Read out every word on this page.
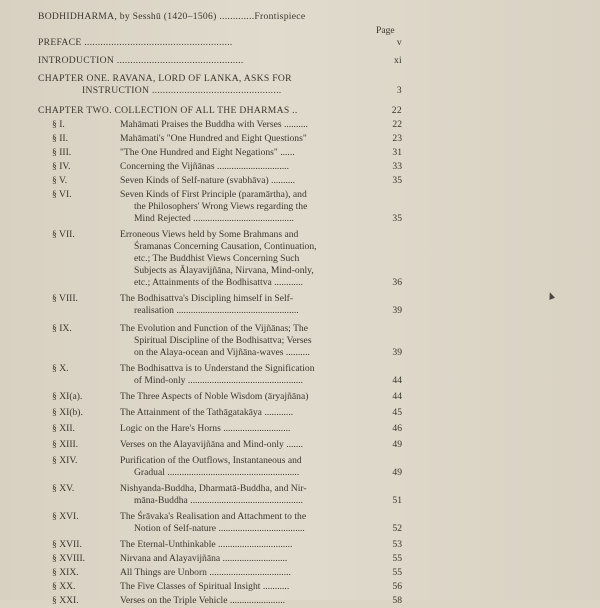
BODHIDHARMA, by Sesshū (1420–1506) .............Frontispiece
Page
PREFACE .......................................................	v
INTRODUCTION ...............................................	xi
CHAPTER ONE. RAVANA, LORD OF LANKA, ASKS FOR
INSTRUCTION ................................................	3
CHAPTER TWO. COLLECTION OF ALL THE DHARMAS ..	22
§ I.	Mahāmati Praises the Buddha with Verses ..........	22
§ II.	Mahāmati's "One Hundred and Eight Questions"	23
§ III.	"The One Hundred and Eight Negations" ......	31
§ IV.	Concerning the Vijñānas ..............................	33
§ V.	Seven Kinds of Self-nature (svabhāva) ..........	35
§ VI.	Seven Kinds of First Principle (paramārtha), and
the Philosophers' Wrong Views regarding the
Mind Rejected ..........................................	35
§ VII.	Erroneous Views held by Some Brahmans and
Śramanas Concerning Causation, Continuation,
etc.; The Buddhist Views Concerning Such
Subjects as Ālayavijñāna, Nirvana, Mind-only,
etc.; Attainments of the Bodhisattva ............	36
§ VIII.	The Bodhisattva's Discipling himself in Self-
realisation ...................................................	39
§ IX.	The Evolution and Function of the Vijñānas; The
Spiritual Discipline of the Bodhisattva; Verses
on the Alaya-ocean and Vijñāna-waves ..........	39
§ X.	The Bodhisattva is to Understand the Signification
of Mind-only ................................................	44
§ XI(a).	The Three Aspects of Noble Wisdom (āryajñāna)	44
§ XI(b).	The Attainment of the Tathāgatakāya ............	45
§ XII.	Logic on the Hare's Horns ............................	46
§ XIII.	Verses on the Alayavijñāna and Mind-only .......	49
§ XIV.	Purification of the Outflows, Instantaneous and
Gradual .......................................................	49
§ XV.	Nishyanda-Buddha, Dharmatā-Buddha, and Nir-
māna-Buddha ...............................................	51
§ XVI.	The Śrāvaka's Realisation and Attachment to the
Notion of Self-nature ....................................	52
§ XVII.	The Eternal-Unthinkable ...............................	53
§ XVIII.	Nirvana and Alayavijñāna ...........................	55
§ XIX.	All Things are Unborn ..................................	55
§ XX.	The Five Classes of Spiritual Insight ...........	56
§ XXI.	Verses on the Triple Vehicle .......................	58
